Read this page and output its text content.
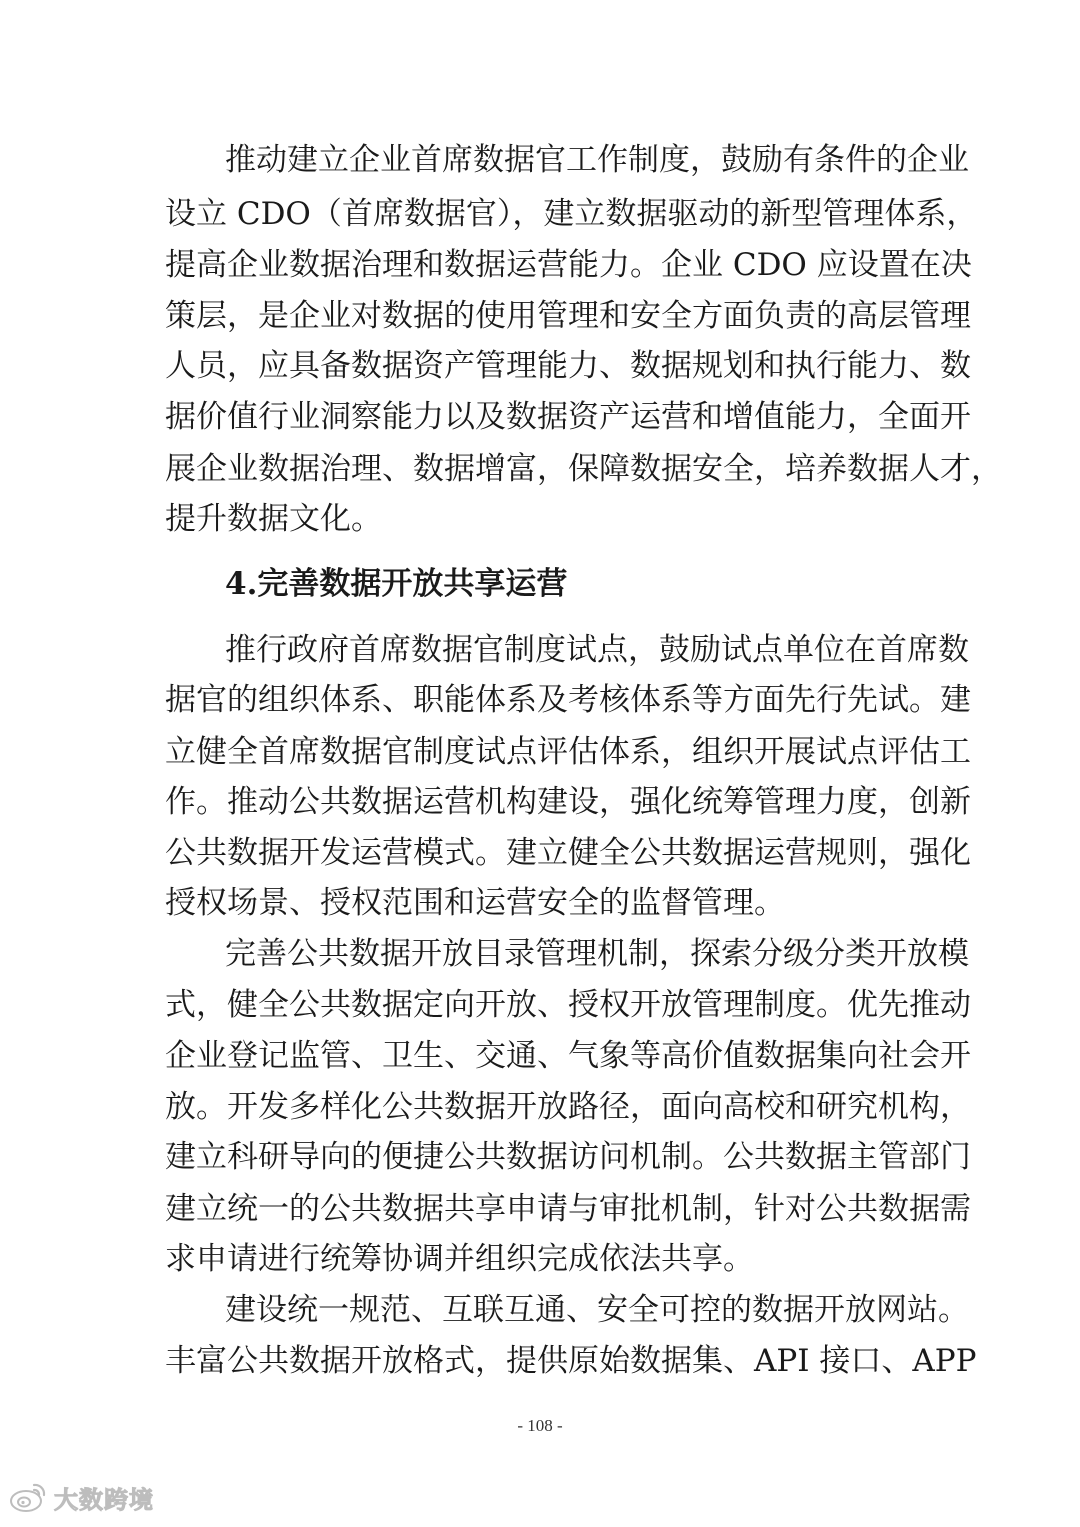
推动建立企业首席数据官工作制度，鼓励有条件的企业
设立 CDO（首席数据官），建立数据驱动的新型管理体系，
提高企业数据治理和数据运营能力。企业 CDO 应设置在决
策层，是企业对数据的使用管理和安全方面负责的高层管理
人员，应具备数据资产管理能力、数据规划和执行能力、数
据价值行业洞察能力以及数据资产运营和增值能力，全面开
展企业数据治理、数据增富，保障数据安全，培养数据人才，
提升数据文化。
4.完善数据开放共享运营
推行政府首席数据官制度试点，鼓励试点单位在首席数
据官的组织体系、职能体系及考核体系等方面先行先试。建
立健全首席数据官制度试点评估体系，组织开展试点评估工
作。推动公共数据运营机构建设，强化统筹管理力度，创新
公共数据开发运营模式。建立健全公共数据运营规则，强化
授权场景、授权范围和运营安全的监督管理。
完善公共数据开放目录管理机制，探索分级分类开放模
式，健全公共数据定向开放、授权开放管理制度。优先推动
企业登记监管、卫生、交通、气象等高价值数据集向社会开
放。开发多样化公共数据开放路径，面向高校和研究机构，
建立科研导向的便捷公共数据访问机制。公共数据主管部门
建立统一的公共数据共享申请与审批机制，针对公共数据需
求申请进行统筹协调并组织完成依法共享。
建设统一规范、互联互通、安全可控的数据开放网站。
丰富公共数据开放格式，提供原始数据集、API 接口、APP
- 108 -
大数跨境
